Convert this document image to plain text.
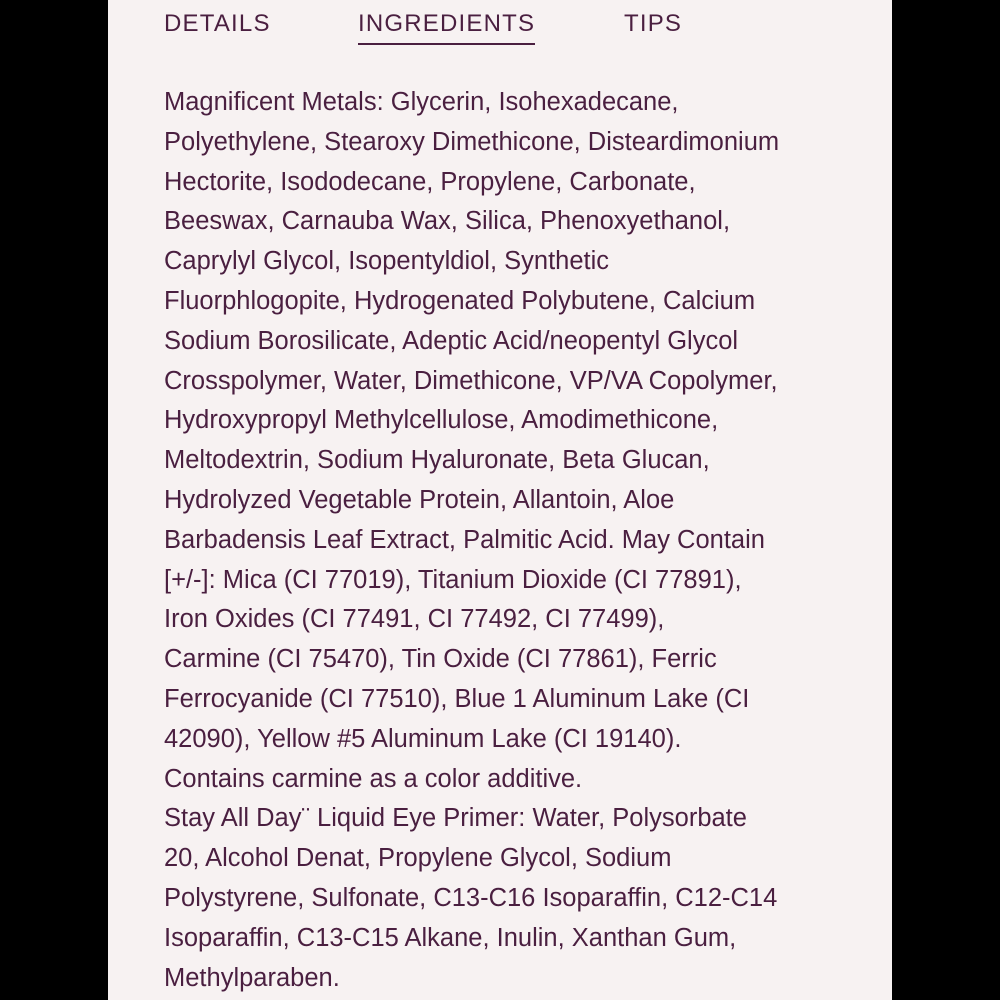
DETAILS	INGREDIENTS	TIPS
Magnificent Metals: Glycerin, Isohexadecane,
Polyethylene, Stearoxy Dimethicone, Disteardimonium
Hectorite, Isododecane, Propylene, Carbonate,
Beeswax, Carnauba Wax, Silica, Phenoxyethanol,
Caprylyl Glycol, Isopentyldiol, Synthetic
Fluorphlogopite, Hydrogenated Polybutene, Calcium
Sodium Borosilicate, Adeptic Acid/neopentyl Glycol
Crosspolymer, Water, Dimethicone, VP/VA Copolymer,
Hydroxypropyl Methylcellulose, Amodimethicone,
Meltodextrin, Sodium Hyaluronate, Beta Glucan,
Hydrolyzed Vegetable Protein, Allantoin, Aloe
Barbadensis Leaf Extract, Palmitic Acid. May Contain
[+/-]: Mica (CI 77019), Titanium Dioxide (CI 77891),
Iron Oxides (CI 77491, CI 77492, CI 77499),
Carmine (CI 75470), Tin Oxide (CI 77861), Ferric
Ferrocyanide (CI 77510), Blue 1 Aluminum Lake (CI
42090), Yellow #5 Aluminum Lake (CI 19140).
Contains carmine as a color additive.
Stay All Day¨ Liquid Eye Primer: Water, Polysorbate
20, Alcohol Denat, Propylene Glycol, Sodium
Polystyrene, Sulfonate, C13-C16 Isoparaffin, C12-C14
Isoparaffin, C13-C15 Alkane, Inulin, Xanthan Gum,
Methylparaben.
